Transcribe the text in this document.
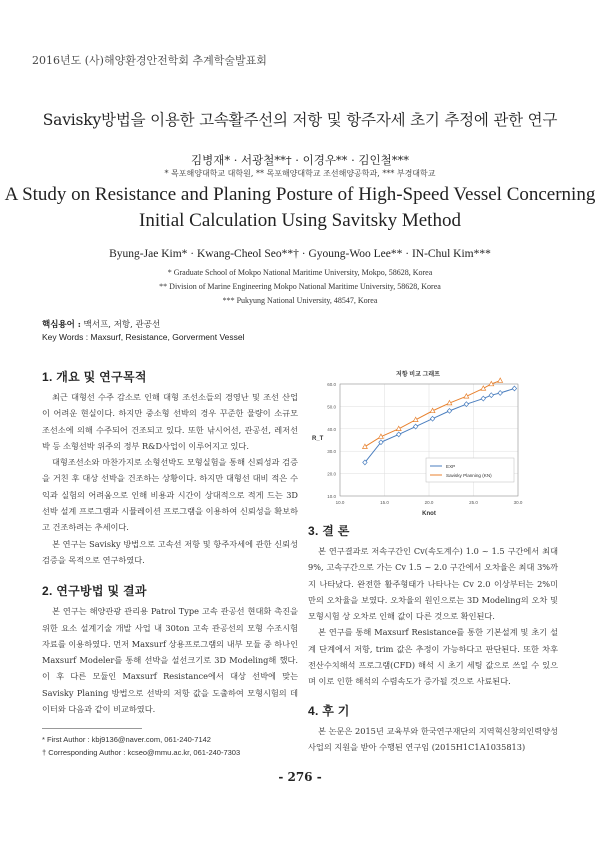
2016년도 (사)해양환경안전학회 추계학술발표회
Savisky방법을 이용한 고속활주선의 저항 및 항주자세 초기 추정에 관한 연구
김병재* · 서광철**† · 이경우** · 김인철***
* 목포해양대학교 대학원, ** 목포해양대학교 조선해양공학과, *** 부경대학교
A Study on Resistance and Planing Posture of High-Speed Vessel Concerning
Initial Calculation Using Savitsky Method
Byung-Jae Kim* · Kwang-Cheol Seo**† · Gyoung-Woo Lee** · IN-Chul Kim***
* Graduate School of Mokpo National Maritime University, Mokpo, 58628, Korea
** Division of Marine Engineering Mokpo National Maritime University, 58628, Korea
*** Pukyung National University, 48547, Korea
핵심용어 : 맥서프, 저항, 관공선
Key Words : Maxsurf, Resistance, Gorverment Vessel
1. 개요 및 연구목적

최근 대형선 수주 감소로 인해 대형 조선소들의 경영난 및 조선 산업이 어려운 현실이다. 하지만 중소형 선박의 경우 꾸준한 물량이 소규모 조선소에 의해 수주되어 건조되고 있다. 또한 낚시어선, 관공선, 레저선박 등 소형선박 위주의 정부 R&D사업이 이루어지고 있다.

대형조선소와 마찬가지로 소형선박도 모형실험을 통해 신뢰성과 검증을 거친 후 대상 선박을 건조하는 상황이다. 하지만 대형선 대비 적은 수익과 실험의 어려움으로 인해 비용과 시간이 상대적으로 적게 드는 3D 선박 설계 프로그램과 시뮬레이션 프로그램을 이용하여 신뢰성을 확보하고 건조하려는 추세이다.

본 연구는 Savisky 방법으로 고속선 저항 및 항주자세에 관한 신뢰성 검증을 목적으로 연구하였다.

2. 연구방법 및 결과

본 연구는 해양관광 관리용 Patrol Type 고속 관공선 현대화 촉진을 위한 요소 설계기술 개발 사업 내 30ton 고속 관공선의 모형 수조시험 자료를 이용하였다. 먼저 Maxsurf 상용프로그램의 내부 모듈 중 하나인 Maxsurf Modeler를 통해 선박을 설선크기로 3D Modeling해 했다. 이 후 다른 모듈인 Maxsurf Resistance에서 대상 선박에 맞는 Savisky Planing 방법으로 선박의 저항 값을 도출하여 모형시험의 데이터와 다음과 같이 비교하였다.

* First Author : kbj9136@naver.com, 061-240-7142
† Corresponding Author : kcseo@mmu.ac.kr, 061-240-7303
저항 비교 그래프
10.0
20.0
30.0
40.0
50.0
60.0
10.0	15.0	20.0	25.0	30.0
R_T
Knot
EXP
Savisky Planning (KN)
3. 결 론

본 연구결과로 저속구간인 Cv(속도계수) 1.0 ~ 1.5 구간에서 최대 9%, 고속구간으로 가는 Cv 1.5 ~ 2.0 구간에서 오차율은 최대 3%까지 나타났다. 완전한 활주형태가 나타나는 Cv 2.0 이상부터는 2%미만의 오차율을 보였다. 오차율의 원인으로는 3D Modeling의 오차 및 모형시험 상 오차로 인해 값이 다른 것으로 확인된다.

본 연구를 통해 Maxsurf Resistance를 통한 기본설계 및 초기 설계 단계에서 저항, trim 값은 추정이 가능하다고 판단된다. 또한 차후 전산수치해석 프로그램(CFD) 해석 시 초기 세팅 값으로 쓰일 수 있으며 이로 인한 해석의 수렴속도가 증가될 것으로 사료된다.

4. 후 기

본 논문은 2015년 교육부와 한국연구재단의 지역혁신창의인력양성사업의 지원을 받아 수행된 연구임 (2015H1C1A1035813)

- 276 -
